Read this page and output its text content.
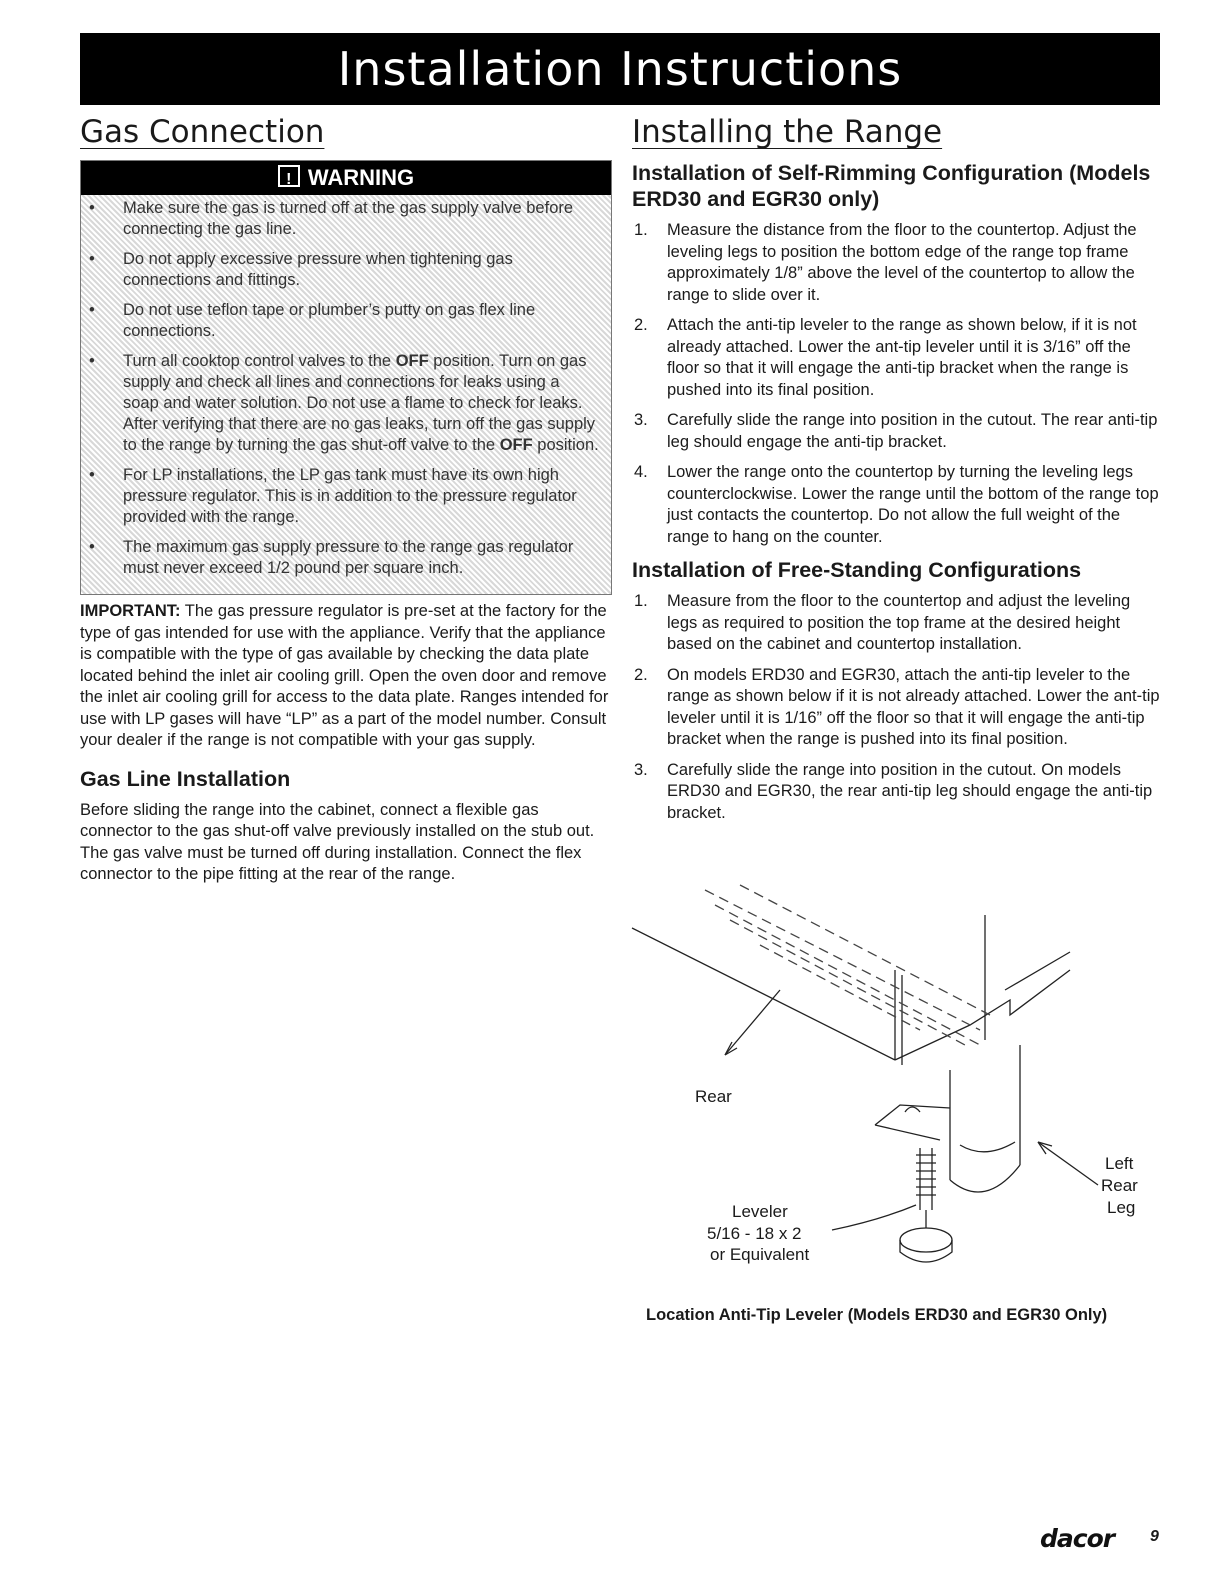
Installation Instructions
Gas Connection
!WARNING
• Make sure the gas is turned off at the gas supply valve before connecting the gas line.
• Do not apply excessive pressure when tightening gas connections and fittings.
• Do not use teflon tape or plumber’s putty on gas flex line connections.
• Turn all cooktop control valves to the OFF position. Turn on gas supply and check all lines and connections for leaks using a soap and water solution. Do not use a flame to check for leaks. After verifying that there are no gas leaks, turn off the gas supply to the range by turning the gas shut-off valve to the OFF position.
• For LP installations, the LP gas tank must have its own high pressure regulator. This is in addition to the pressure regulator provided with the range.
• The maximum gas supply pressure to the range gas regulator must never exceed 1/2 pound per square inch.

IMPORTANT: The gas pressure regulator is pre-set at the factory for the type of gas intended for use with the appliance. Verify that the appliance is compatible with the type of gas available by checking the data plate located behind the inlet air cooling grill. Open the oven door and remove the inlet air cooling grill for access to the data plate. Ranges intended for use with LP gases will have “LP” as a part of the model number. Consult your dealer if the range is not compatible with your gas supply.

Gas Line Installation

Before sliding the range into the cabinet, connect a flexible gas connector to the gas shut-off valve previously installed on the stub out. The gas valve must be turned off during installation. Connect the flex connector to the pipe fitting at the rear of the range.

Installing the Range
Installation of Self-Rimming Configuration (Models ERD30 and EGR30 only)
1. Measure the distance from the floor to the countertop. Adjust the leveling legs to position the bottom edge of the range top frame approximately 1/8” above the level of the countertop to allow the range to slide over it.
2. Attach the anti-tip leveler to the range as shown below, if it is not already attached. Lower the ant-tip leveler until it is 3/16” off the floor so that it will engage the anti-tip bracket when the range is pushed into its final position.
3. Carefully slide the range into position in the cutout. The rear anti-tip leg should engage the anti-tip bracket.
4. Lower the range onto the countertop by turning the leveling legs counterclockwise. Lower the range until the bottom of the range top just contacts the countertop. Do not allow the full weight of the range to hang on the counter.
Installation of Free-Standing Configurations
1. Measure from the floor to the countertop and adjust the leveling legs as required to position the top frame at the desired height based on the cabinet and countertop installation.
2. On models ERD30 and EGR30, attach the anti-tip leveler to the range as shown below if it is not already attached. Lower the ant-tip leveler until it is 1/16” off the floor so that it will engage the anti-tip bracket when the range is pushed into its final position.
3. Carefully slide the range into position in the cutout. On models ERD30 and EGR30, the rear anti-tip leg should engage the anti-tip bracket.
Rear
Leveler
5/16 - 18 x 2
or Equivalent
Left
Rear
Leg
Location Anti-Tip Leveler (Models ERD30 and EGR30 Only)
dacor 9
